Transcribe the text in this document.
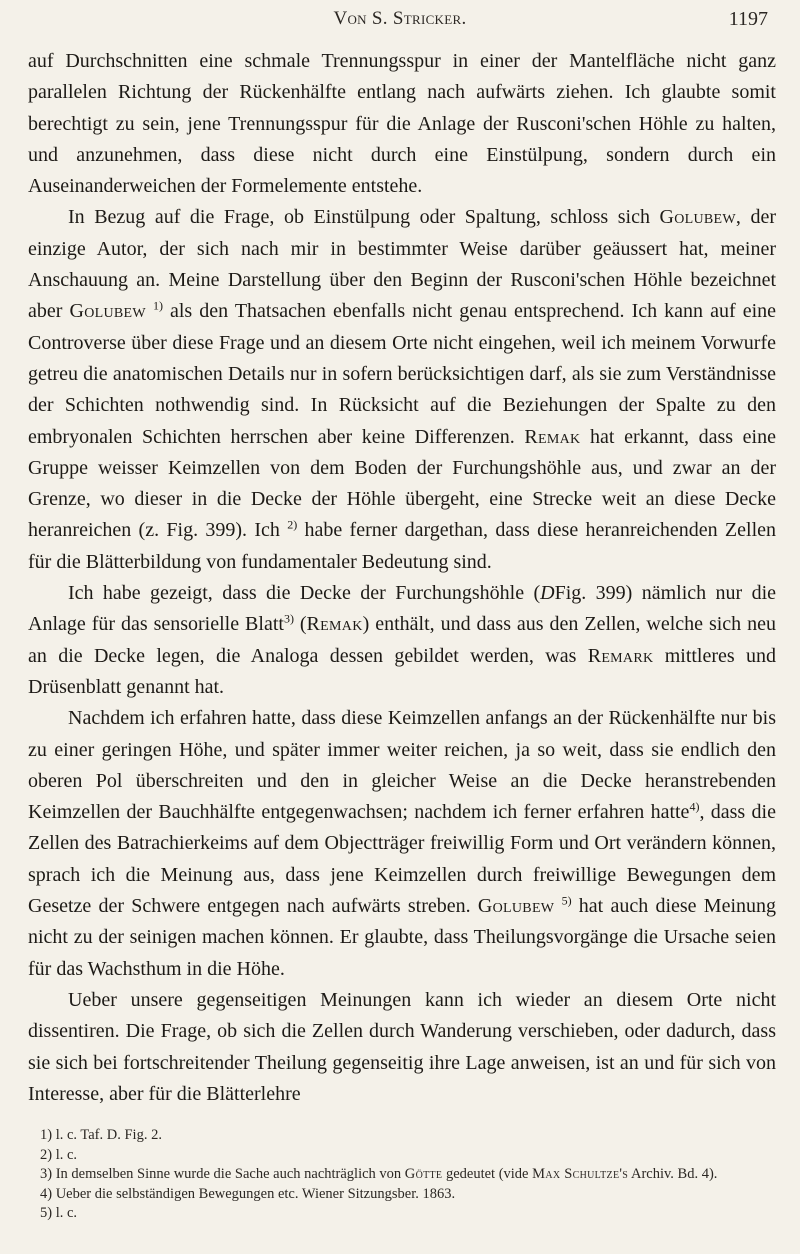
Von S. Stricker.	1197

auf Durchschnitten eine schmale Trennungsspur in einer der Mantelfläche nicht ganz parallelen Richtung der Rückenhälfte entlang nach aufwärts ziehen. Ich glaubte somit berechtigt zu sein, jene Trennungsspur für die Anlage der Rusconi'schen Höhle zu halten, und anzunehmen, dass diese nicht durch eine Einstülpung, sondern durch ein Auseinanderweichen der Formelemente entstehe.

In Bezug auf die Frage, ob Einstülpung oder Spaltung, schloss sich Golubew, der einzige Autor, der sich nach mir in bestimmter Weise darüber geäussert hat, meiner Anschauung an. Meine Darstellung über den Beginn der Rusconi'schen Höhle bezeichnet aber Golubew $^{1)}$ als den Thatsachen ebenfalls nicht genau entsprechend. Ich kann auf eine Controverse über diese Frage und an diesem Orte nicht eingehen, weil ich meinem Vorwurfe getreu die anatomischen Details nur in sofern berücksichtigen darf, als sie zum Verständnisse der Schichten nothwendig sind. In Rücksicht auf die Beziehungen der Spalte zu den embryonalen Schichten herrschen aber keine Differenzen. Remak hat erkannt, dass eine Gruppe weisser Keimzellen von dem Boden der Furchungshöhle aus, und zwar an der Grenze, wo dieser in die Decke der Höhle übergeht, eine Strecke weit an diese Decke heranreichen (z. Fig. 399). Ich $^{2)}$ habe ferner dargethan, dass diese heranreichenden Zellen für die Blätterbildung von fundamentaler Bedeutung sind.

Ich habe gezeigt, dass die Decke der Furchungshöhle (DFig. 399) nämlich nur die Anlage für das sensorielle Blatt$^{3)}$ (Remak) enthält, und dass aus den Zellen, welche sich neu an die Decke legen, die Analoga dessen gebildet werden, was Remark mittleres und Drüsenblatt genannt hat.

Nachdem ich erfahren hatte, dass diese Keimzellen anfangs an der Rückenhälfte nur bis zu einer geringen Höhe, und später immer weiter reichen, ja so weit, dass sie endlich den oberen Pol überschreiten und den in gleicher Weise an die Decke heranstrebenden Keimzellen der Bauchhälfte entgegenwachsen; nachdem ich ferner erfahren hatte$^{4)}$, dass die Zellen des Batrachierkeims auf dem Objectträger freiwillig Form und Ort verändern können, sprach ich die Meinung aus, dass jene Keimzellen durch freiwillige Bewegungen dem Gesetze der Schwere entgegen nach aufwärts streben. Golubew $^{5)}$ hat auch diese Meinung nicht zu der seinigen machen können. Er glaubte, dass Theilungsvorgänge die Ursache seien für das Wachsthum in die Höhe.

Ueber unsere gegenseitigen Meinungen kann ich wieder an diesem Orte nicht dissentiren. Die Frage, ob sich die Zellen durch Wanderung verschieben, oder dadurch, dass sie sich bei fortschreitender Theilung gegenseitig ihre Lage anweisen, ist an und für sich von Interesse, aber für die Blätterlehre

1) l. c. Taf. D. Fig. 2.

2) l. c.

3) In demselben Sinne wurde die Sache auch nachträglich von Götte gedeutet (vide Max Schultze's Archiv. Bd. 4).

4) Ueber die selbständigen Bewegungen etc. Wiener Sitzungsber. 1863.

5) l. c.
